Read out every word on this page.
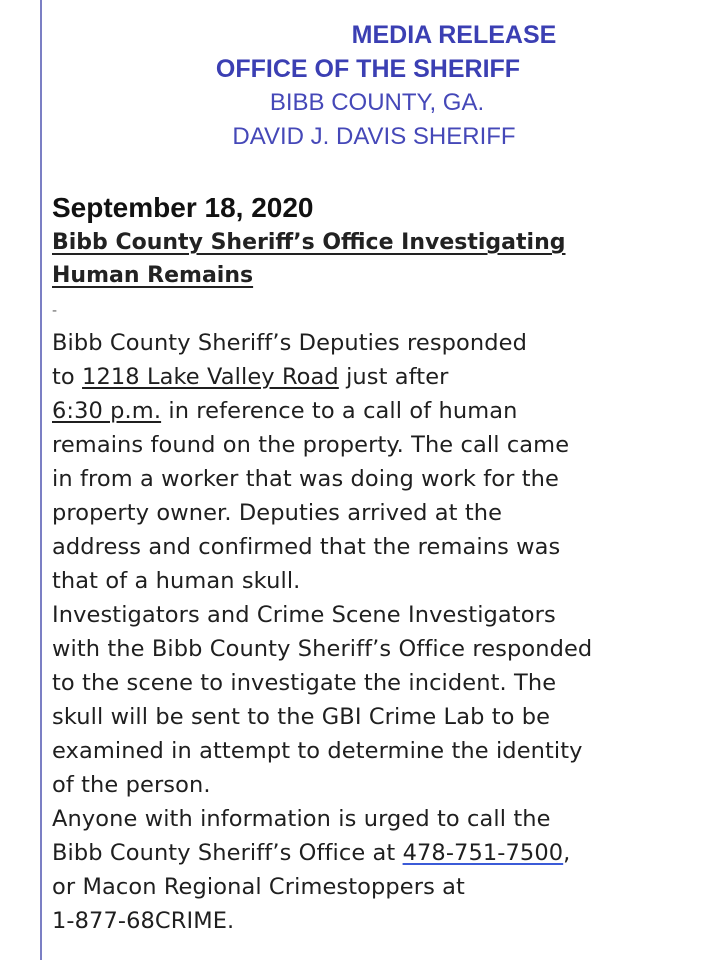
MEDIA RELEASE
OFFICE OF THE SHERIFF
BIBB COUNTY, GA.
DAVID J. DAVIS SHERIFF
September 18, 2020
Bibb County Sheriff’s Office Investigating
Human Remains
-
Bibb County Sheriff’s Deputies responded
to 1218 Lake Valley Road just after
6:30 p.m. in reference to a call of human
remains found on the property. The call came
in from a worker that was doing work for the
property owner. Deputies arrived at the
address and confirmed that the remains was
that of a human skull.
Investigators and Crime Scene Investigators
with the Bibb County Sheriff’s Office responded
to the scene to investigate the incident. The
skull will be sent to the GBI Crime Lab to be
examined in attempt to determine the identity
of the person.
Anyone with information is urged to call the
Bibb County Sheriff’s Office at 478-751-7500,
or Macon Regional Crimestoppers at
1-877-68CRIME.
